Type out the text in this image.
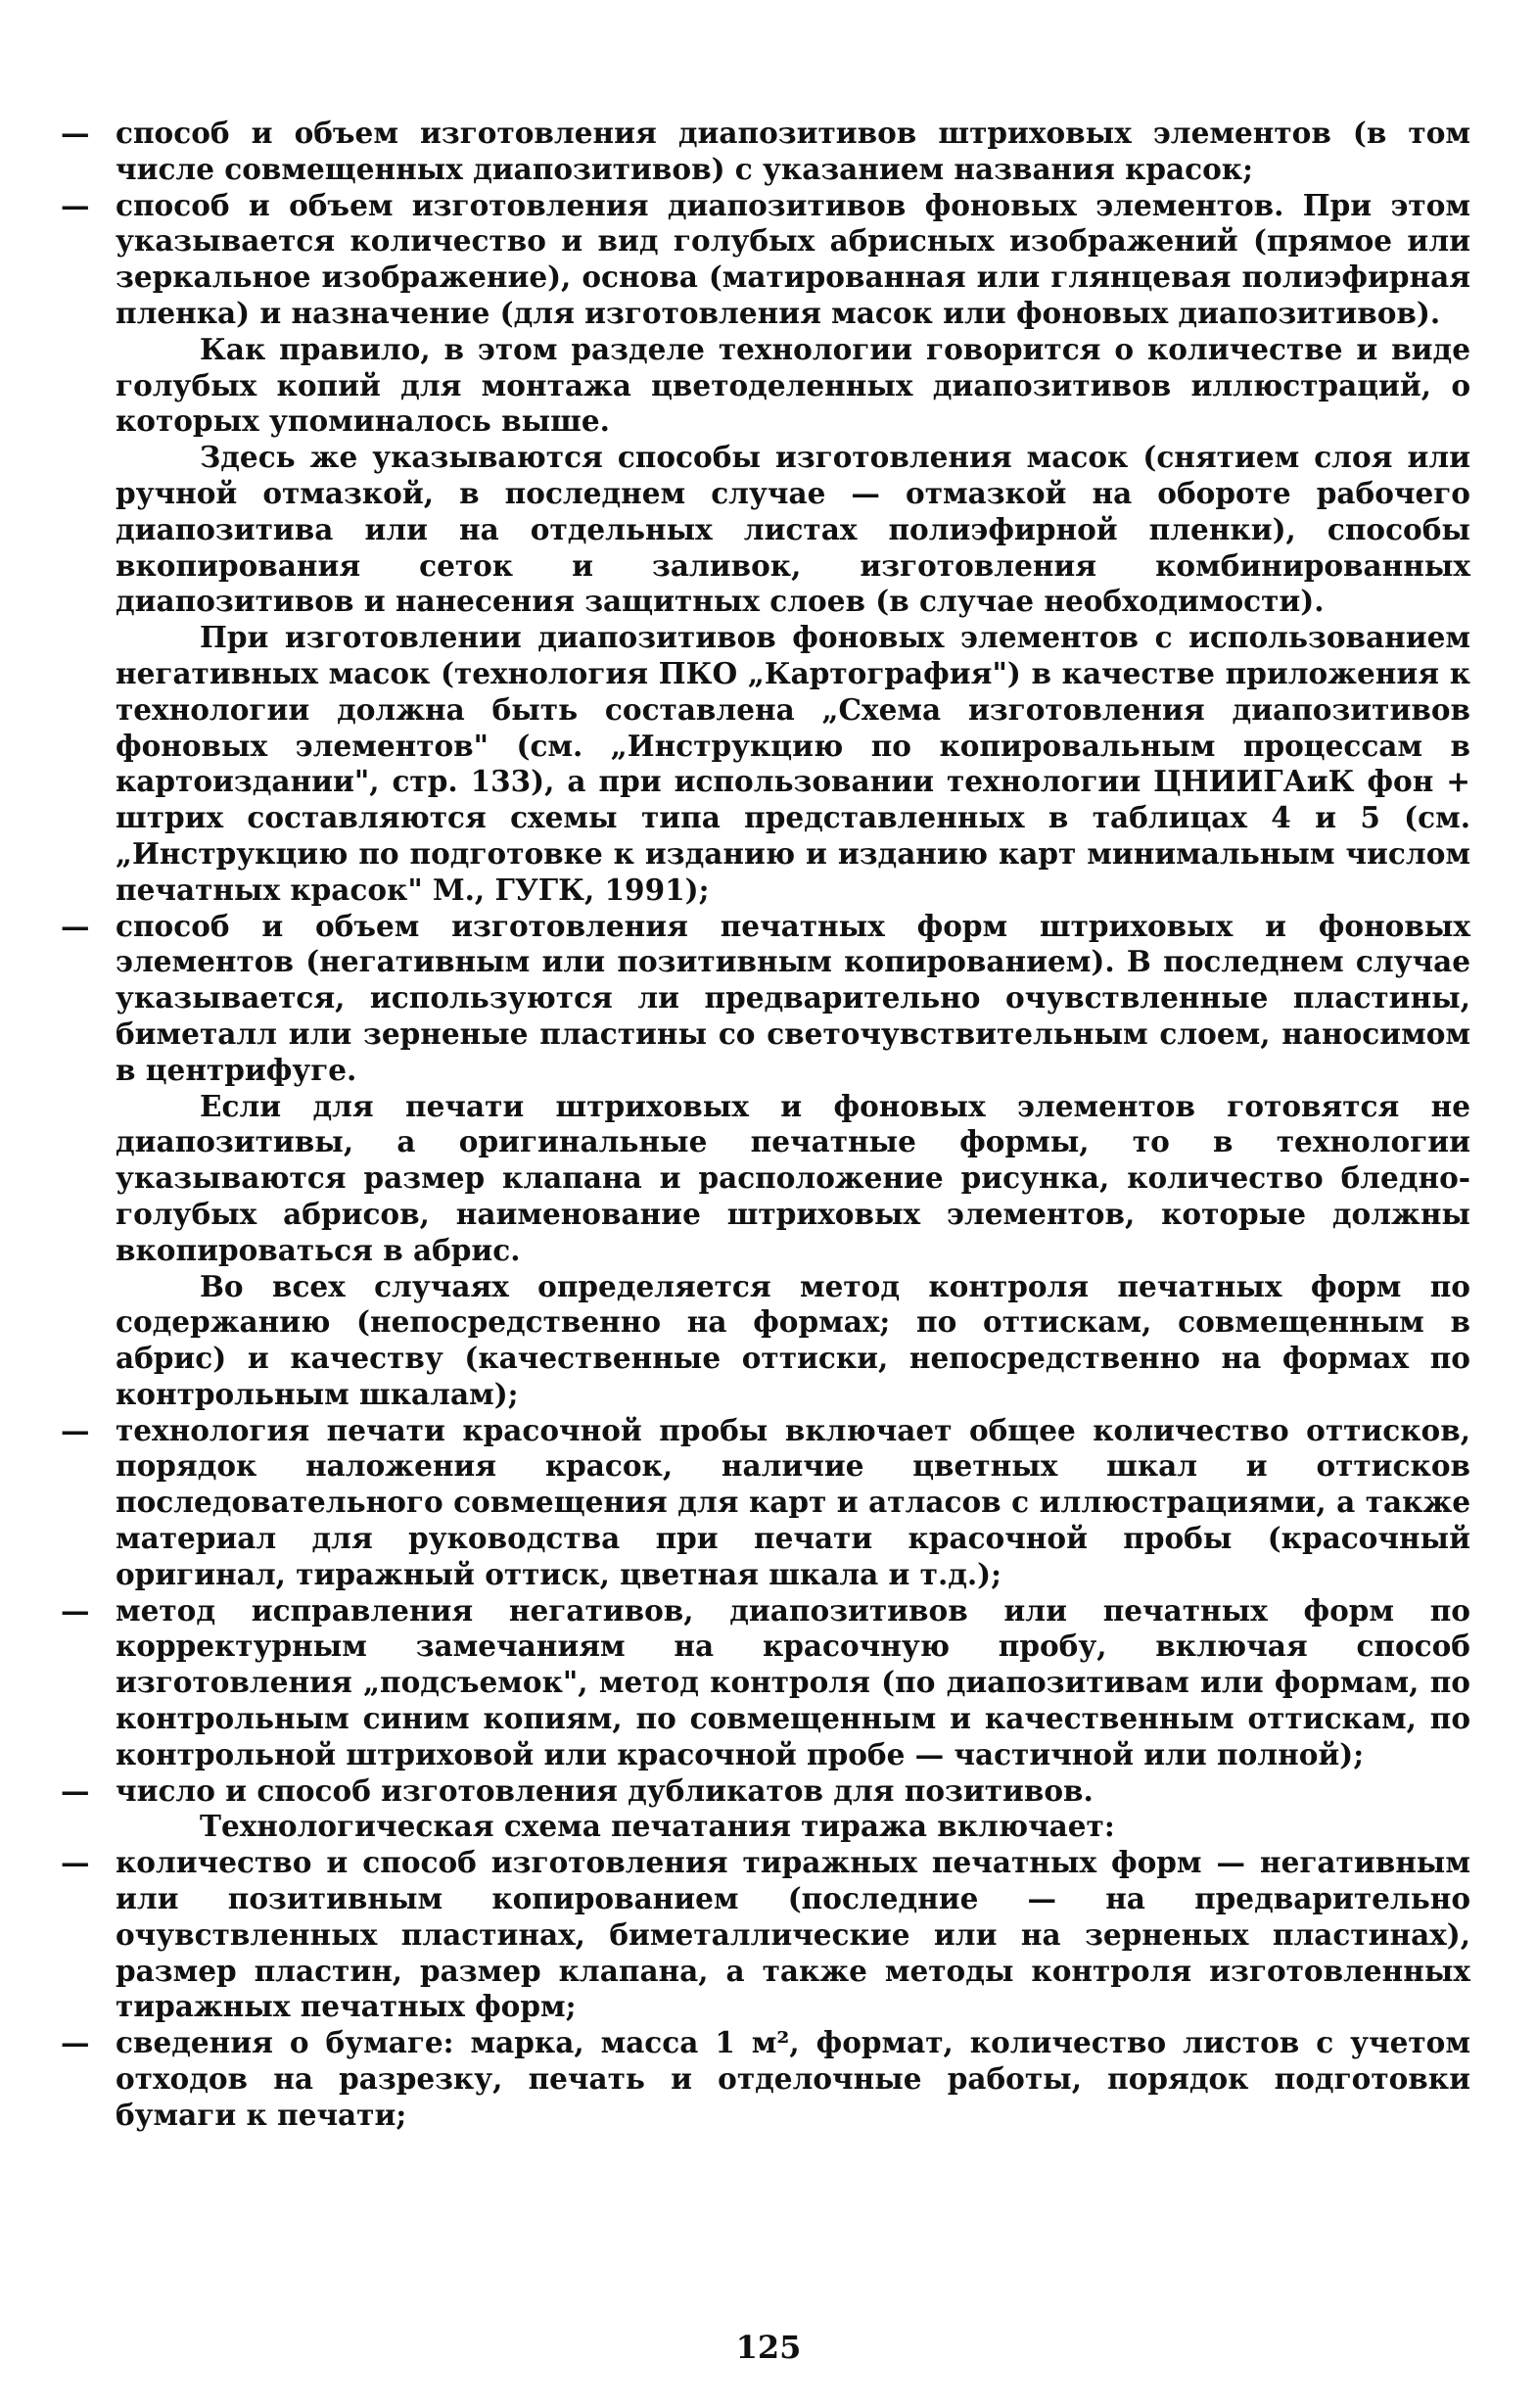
— способ и объем изготовления диапозитивов штриховых элементов (в том числе совмещенных диапозитивов) с указанием названия красок;
— способ и объем изготовления диапозитивов фоновых элементов. При этом указывается количество и вид голубых абрисных изображений (прямое или зеркальное изображение), основа (матированная или глянцевая полиэфирная пленка) и назначение (для изготовления масок или фоновых диапозитивов).
Как правило, в этом разделе технологии говорится о количестве и виде голубых копий для монтажа цветоделенных диапозитивов иллюстраций, о которых упоминалось выше.
Здесь же указываются способы изготовления масок (снятием слоя или ручной отмазкой, в последнем случае — отмазкой на обороте рабочего диапозитива или на отдельных листах полиэфирной пленки), способы вкопирования сеток и заливок, изготовления комбинированных диапозитивов и нанесения защитных слоев (в случае необходимости).
При изготовлении диапозитивов фоновых элементов с использованием негативных масок (технология ПКО „Картография") в качестве приложения к технологии должна быть составлена „Схема изготовления диапозитивов фоновых элементов" (см. „Инструкцию по копировальным процессам в картоиздании", стр. 133), а при использовании технологии ЦНИИГАиК фон + штрих составляются схемы типа представленных в таблицах 4 и 5 (см. „Инструкцию по подготовке к изданию и изданию карт минимальным числом печатных красок" М., ГУГК, 1991);
— способ и объем изготовления печатных форм штриховых и фоновых элементов (негативным или позитивным копированием). В последнем случае указывается, используются ли предварительно очувствленные пластины, биметалл или зерненые пластины со светочувствительным слоем, наносимом в центрифуге.
Если для печати штриховых и фоновых элементов готовятся не диапозитивы, а оригинальные печатные формы, то в технологии указываются размер клапана и расположение рисунка, количество бледно-голубых абрисов, наименование штриховых элементов, которые должны вкопироваться в абрис.
Во всех случаях определяется метод контроля печатных форм по содержанию (непосредственно на формах; по оттискам, совмещенным в абрис) и качеству (качественные оттиски, непосредственно на формах по контрольным шкалам);
— технология печати красочной пробы включает общее количество оттисков, порядок наложения красок, наличие цветных шкал и оттисков последовательного совмещения для карт и атласов с иллюстрациями, а также материал для руководства при печати красочной пробы (красочный оригинал, тиражный оттиск, цветная шкала и т.д.);
— метод исправления негативов, диапозитивов или печатных форм по корректурным замечаниям на красочную пробу, включая способ изготовления „подсъемок", метод контроля (по диапозитивам или формам, по контрольным синим копиям, по совмещенным и качественным оттискам, по контрольной штриховой или красочной пробе — частичной или полной);
— число и способ изготовления дубликатов для позитивов.
Технологическая схема печатания тиража включает:
— количество и способ изготовления тиражных печатных форм — негативным или позитивным копированием (последние — на предварительно очувствленных пластинах, биметаллические или на зерненых пластинах), размер пластин, размер клапана, а также методы контроля изготовленных тиражных печатных форм;
— сведения о бумаге: марка, масса 1 м², формат, количество листов с учетом отходов на разрезку, печать и отделочные работы, порядок подготовки бумаги к печати;
125
